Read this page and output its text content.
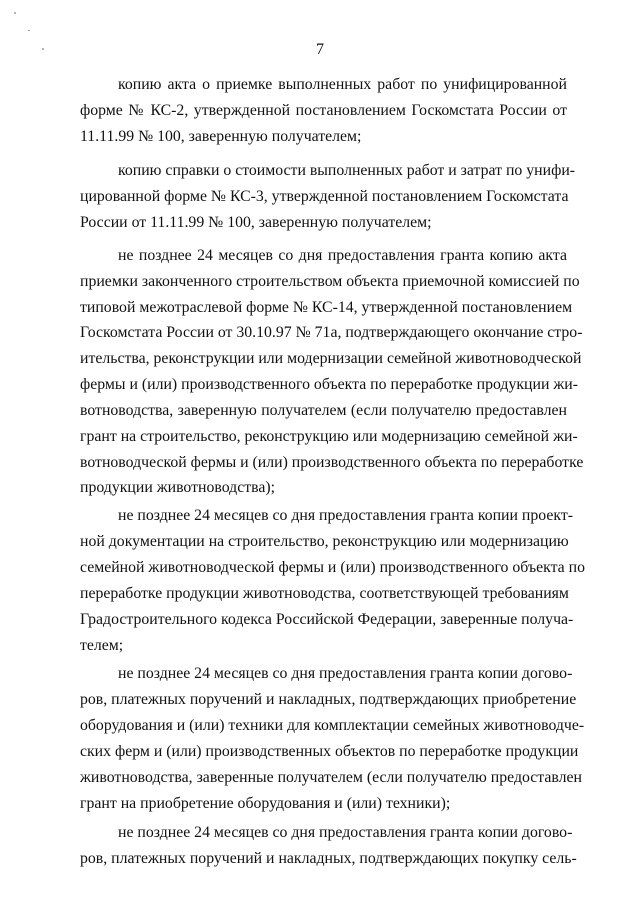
7
копию акта о приемке выполненных работ по унифицированной
форме № КС-2, утвержденной постановлением Госкомстата России от
11.11.99 № 100, заверенную получателем;
копию справки о стоимости выполненных работ и затрат по унифи-
цированной форме № КС-3, утвержденной постановлением Госкомстата
России от 11.11.99 № 100, заверенную получателем;
не позднее 24 месяцев со дня предоставления гранта копию акта
приемки законченного строительством объекта приемочной комиссией по
типовой межотраслевой форме № КС-14, утвержденной постановлением
Госкомстата России от 30.10.97 № 71а, подтверждающего окончание стро-
ительства, реконструкции или модернизации семейной животноводческой
фермы и (или) производственного объекта по переработке продукции жи-
вотноводства, заверенную получателем (если получателю предоставлен
грант на строительство, реконструкцию или модернизацию семейной жи-
вотноводческой фермы и (или) производственного объекта по переработке
продукции животноводства);
не позднее 24 месяцев со дня предоставления гранта копии проект-
ной документации на строительство, реконструкцию или модернизацию
семейной животноводческой фермы и (или) производственного объекта по
переработке продукции животноводства, соответствующей требованиям
Градостроительного кодекса Российской Федерации, заверенные получа-
телем;
не позднее 24 месяцев со дня предоставления гранта копии догово-
ров, платежных поручений и накладных, подтверждающих приобретение
оборудования и (или) техники для комплектации семейных животноводче-
ских ферм и (или) производственных объектов по переработке продукции
животноводства, заверенные получателем (если получателю предоставлен
грант на приобретение оборудования и (или) техники);
не позднее 24 месяцев со дня предоставления гранта копии догово-
ров, платежных поручений и накладных, подтверждающих покупку сель-
